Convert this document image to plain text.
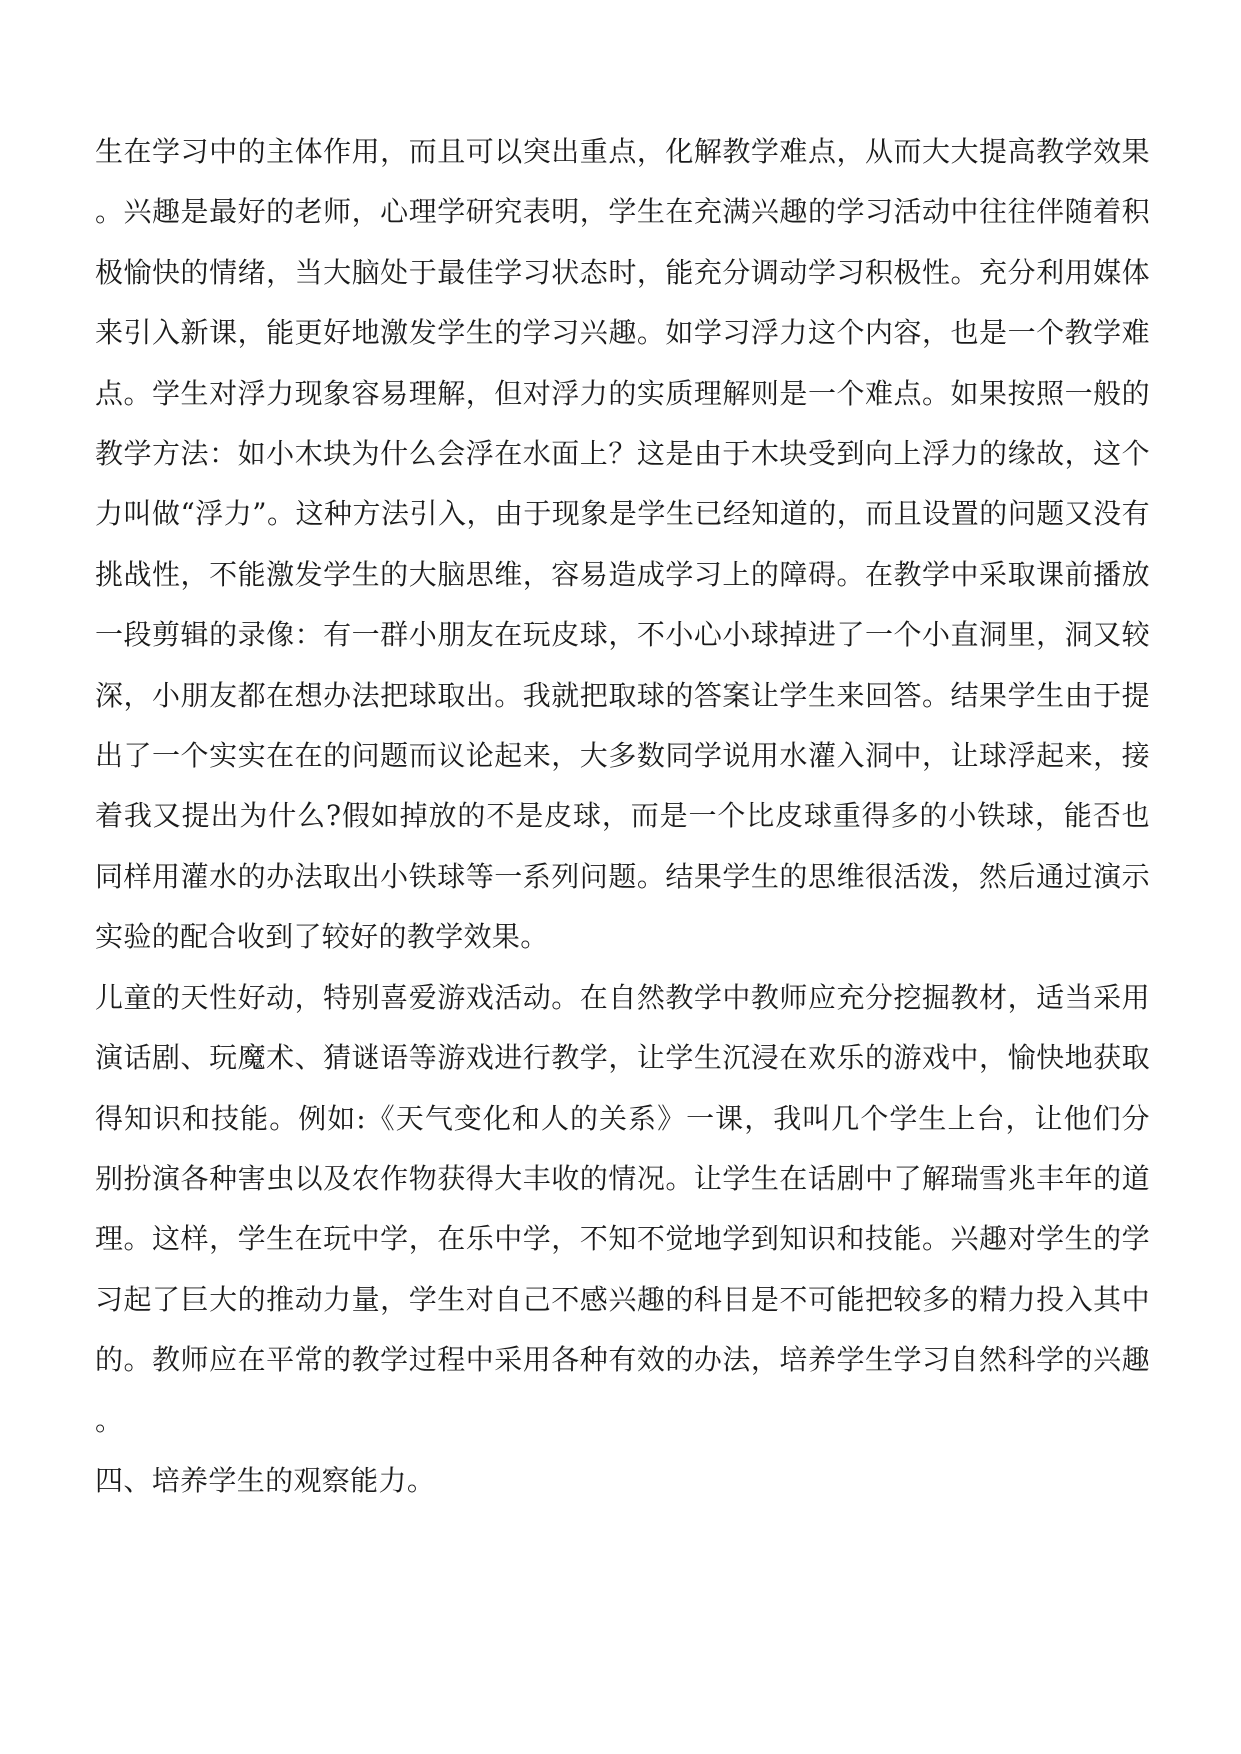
生在学习中的主体作用，而且可以突出重点，化解教学难点，从而大大提高教学效果。兴趣是最好的老师，心理学研究表明，学生在充满兴趣的学习活动中往往伴随着积极愉快的情绪，当大脑处于最佳学习状态时，能充分调动学习积极性。充分利用媒体来引入新课，能更好地激发学生的学习兴趣。如学习浮力这个内容，也是一个教学难点。学生对浮力现象容易理解，但对浮力的实质理解则是一个难点。如果按照一般的教学方法：如小木块为什么会浮在水面上？这是由于木块受到向上浮力的缘故，这个力叫做“浮力”。这种方法引入，由于现象是学生已经知道的，而且设置的问题又没有挑战性，不能激发学生的大脑思维，容易造成学习上的障碍。在教学中采取课前播放一段剪辑的录像：有一群小朋友在玩皮球，不小心小球掉进了一个小直洞里，洞又较深，小朋友都在想办法把球取出。我就把取球的答案让学生来回答。结果学生由于提出了一个实实在在的问题而议论起来，大多数同学说用水灌入洞中，让球浮起来，接着我又提出为什么?假如掉放的不是皮球，而是一个比皮球重得多的小铁球，能否也同样用灌水的办法取出小铁球等一系列问题。结果学生的思维很活泼，然后通过演示实验的配合收到了较好的教学效果。

儿童的天性好动，特别喜爱游戏活动。在自然教学中教师应充分挖掘教材，适当采用演话剧、玩魔术、猜谜语等游戏进行教学，让学生沉浸在欢乐的游戏中，愉快地获取得知识和技能。例如:《天气变化和人的关系》一课，我叫几个学生上台，让他们分别扮演各种害虫以及农作物获得大丰收的情况。让学生在话剧中了解瑞雪兆丰年的道理。这样，学生在玩中学，在乐中学，不知不觉地学到知识和技能。兴趣对学生的学习起了巨大的推动力量，学生对自己不感兴趣的科目是不可能把较多的精力投入其中的。教师应在平常的教学过程中采用各种有效的办法，培养学生学习自然科学的兴趣。

四、培养学生的观察能力。
